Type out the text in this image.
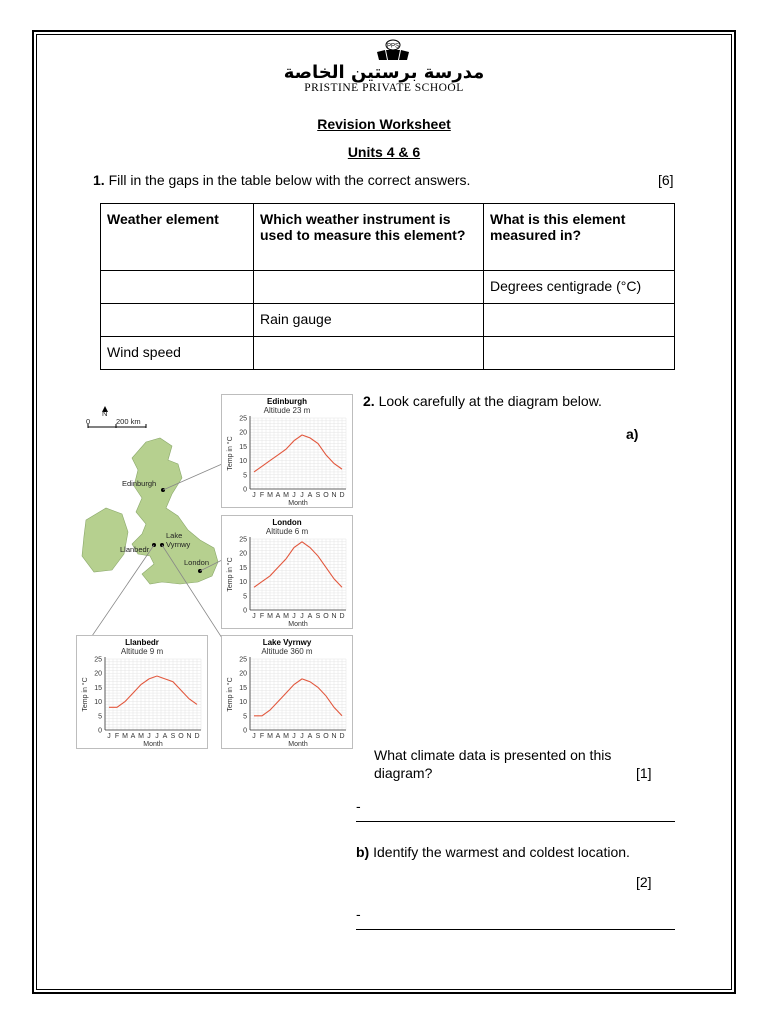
PPS
مدرسة برستين الخاصة
PRISTINE PRIVATE SCHOOL
Revision Worksheet
Units 4 & 6
1. Fill in the gaps in the table below with the correct answers.	[6]
Weather element	Which weather instrument is used to measure this element?	What is this element measured in?
		Degrees centigrade (°C)
	Rain gauge	
Wind speed		
N
0	200 km
Edinburgh
Lake Vyrnwy
Llanbedr
London
0
5
10
15
20
25
J F M A M J J A S O N D
Month
Temp in °C
Edinburgh
Altitude 23 m
0
5
10
15
20
25
J F M A M J J A S O N D
Month
Temp in °C
London
Altitude 6 m
0
5
10
15
20
25
J F M A M J J A S O N D
Month
Temp in °C
Llanbedr
Altitude 9 m
0
5
10
15
20
25
J F M A M J J A S O N D
Month
Temp in °C
Lake Vyrnwy
Altitude 360 m
2. Look carefully at the diagram below.
a)
What climate data is presented on this
diagram?	[1]
-
b) Identify the warmest and coldest location.
[2]
-
